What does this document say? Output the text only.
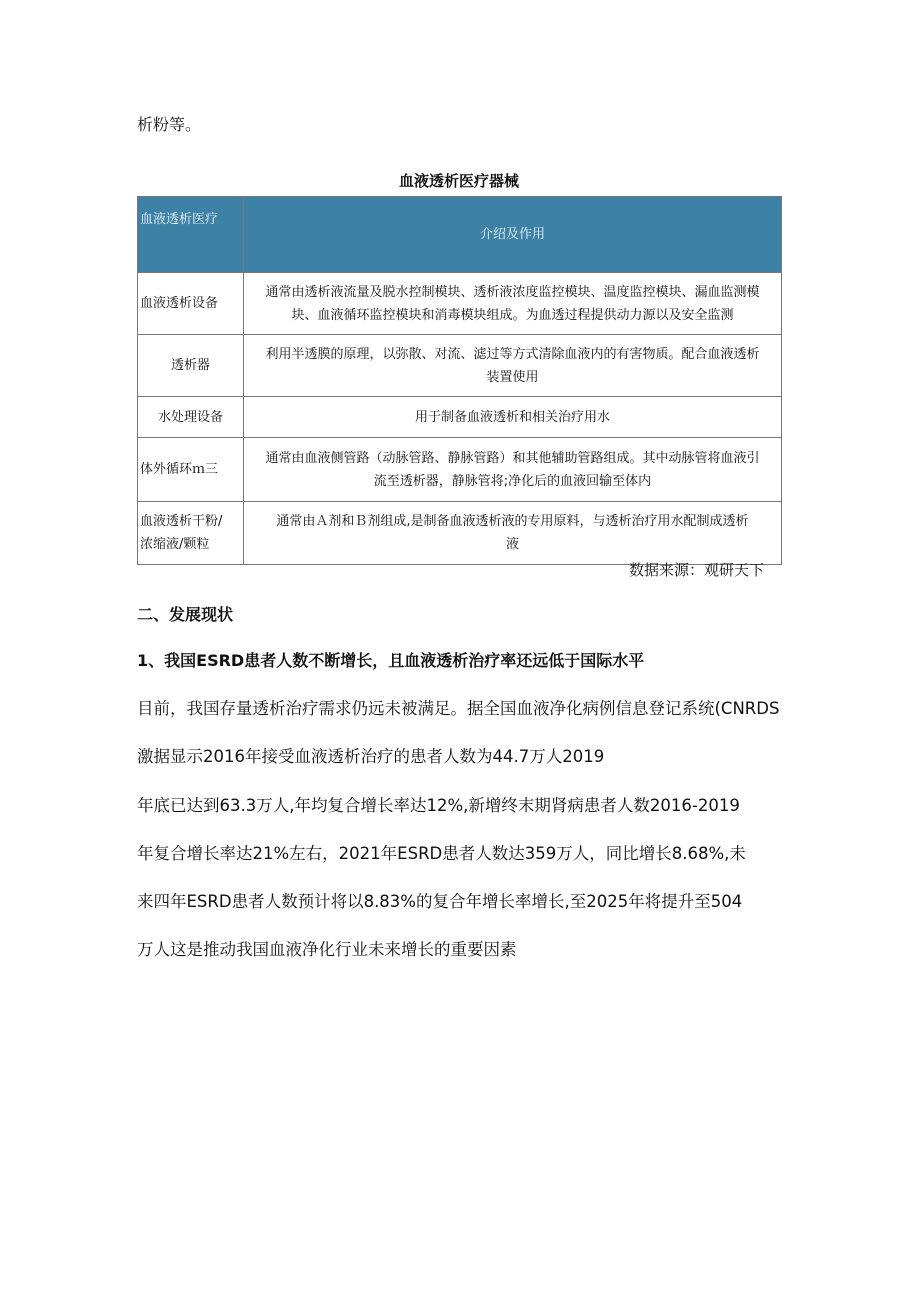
析粉等。

血液透析医疗器械

血液透析医疗	介绍及作用
血液透析设备	通常由透析液流量及脱水控制模块、透析液浓度监控模块、温度监控模块、漏血监测模
块、血液循环监控模块和消毒模块组成。为血透过程提供动力源以及安全监测
透析器	利用半透膜的原理，以弥散、对流、滤过等方式清除血液内的有害物质。配合血液透析
装置使用
水处理设备	用于制备血液透析和相关治疗用水
体外循环ｍ三	通常由血液侧管路（动脉管路、静脉管路）和其他辅助管路组成。其中动脉管将血液引
流至透析器，静脉管将;净化后的血液回输至体内
血液透析干粉/
浓缩液/颗粒	通常由Ａ剂和Ｂ剂组成,是制备血液透析液的专用原料，与透析治疗用水配制成透析
液

数据来源：观研天下

二、发展现状

1、我国ESRD患者人数不断增长，且血液透析治疗率还远低于国际水平

目前，我国存量透析治疗需求仍远未被满足。据全国血液净化病例信息登记系统(CNRDS

激据显示2016年接受血液透析治疗的患者人数为44.7万人2019

年底已达到63.3万人,年均复合增长率达12%,新增终末期肾病患者人数2016-2019

年复合增长率达21%左右，2021年ESRD患者人数达359万人，同比增长8.68%,未

来四年ESRD患者人数预计将以8.83%的复合年增长率增长,至2025年将提升至504

万人这是推动我国血液净化行业未来增长的重要因素
